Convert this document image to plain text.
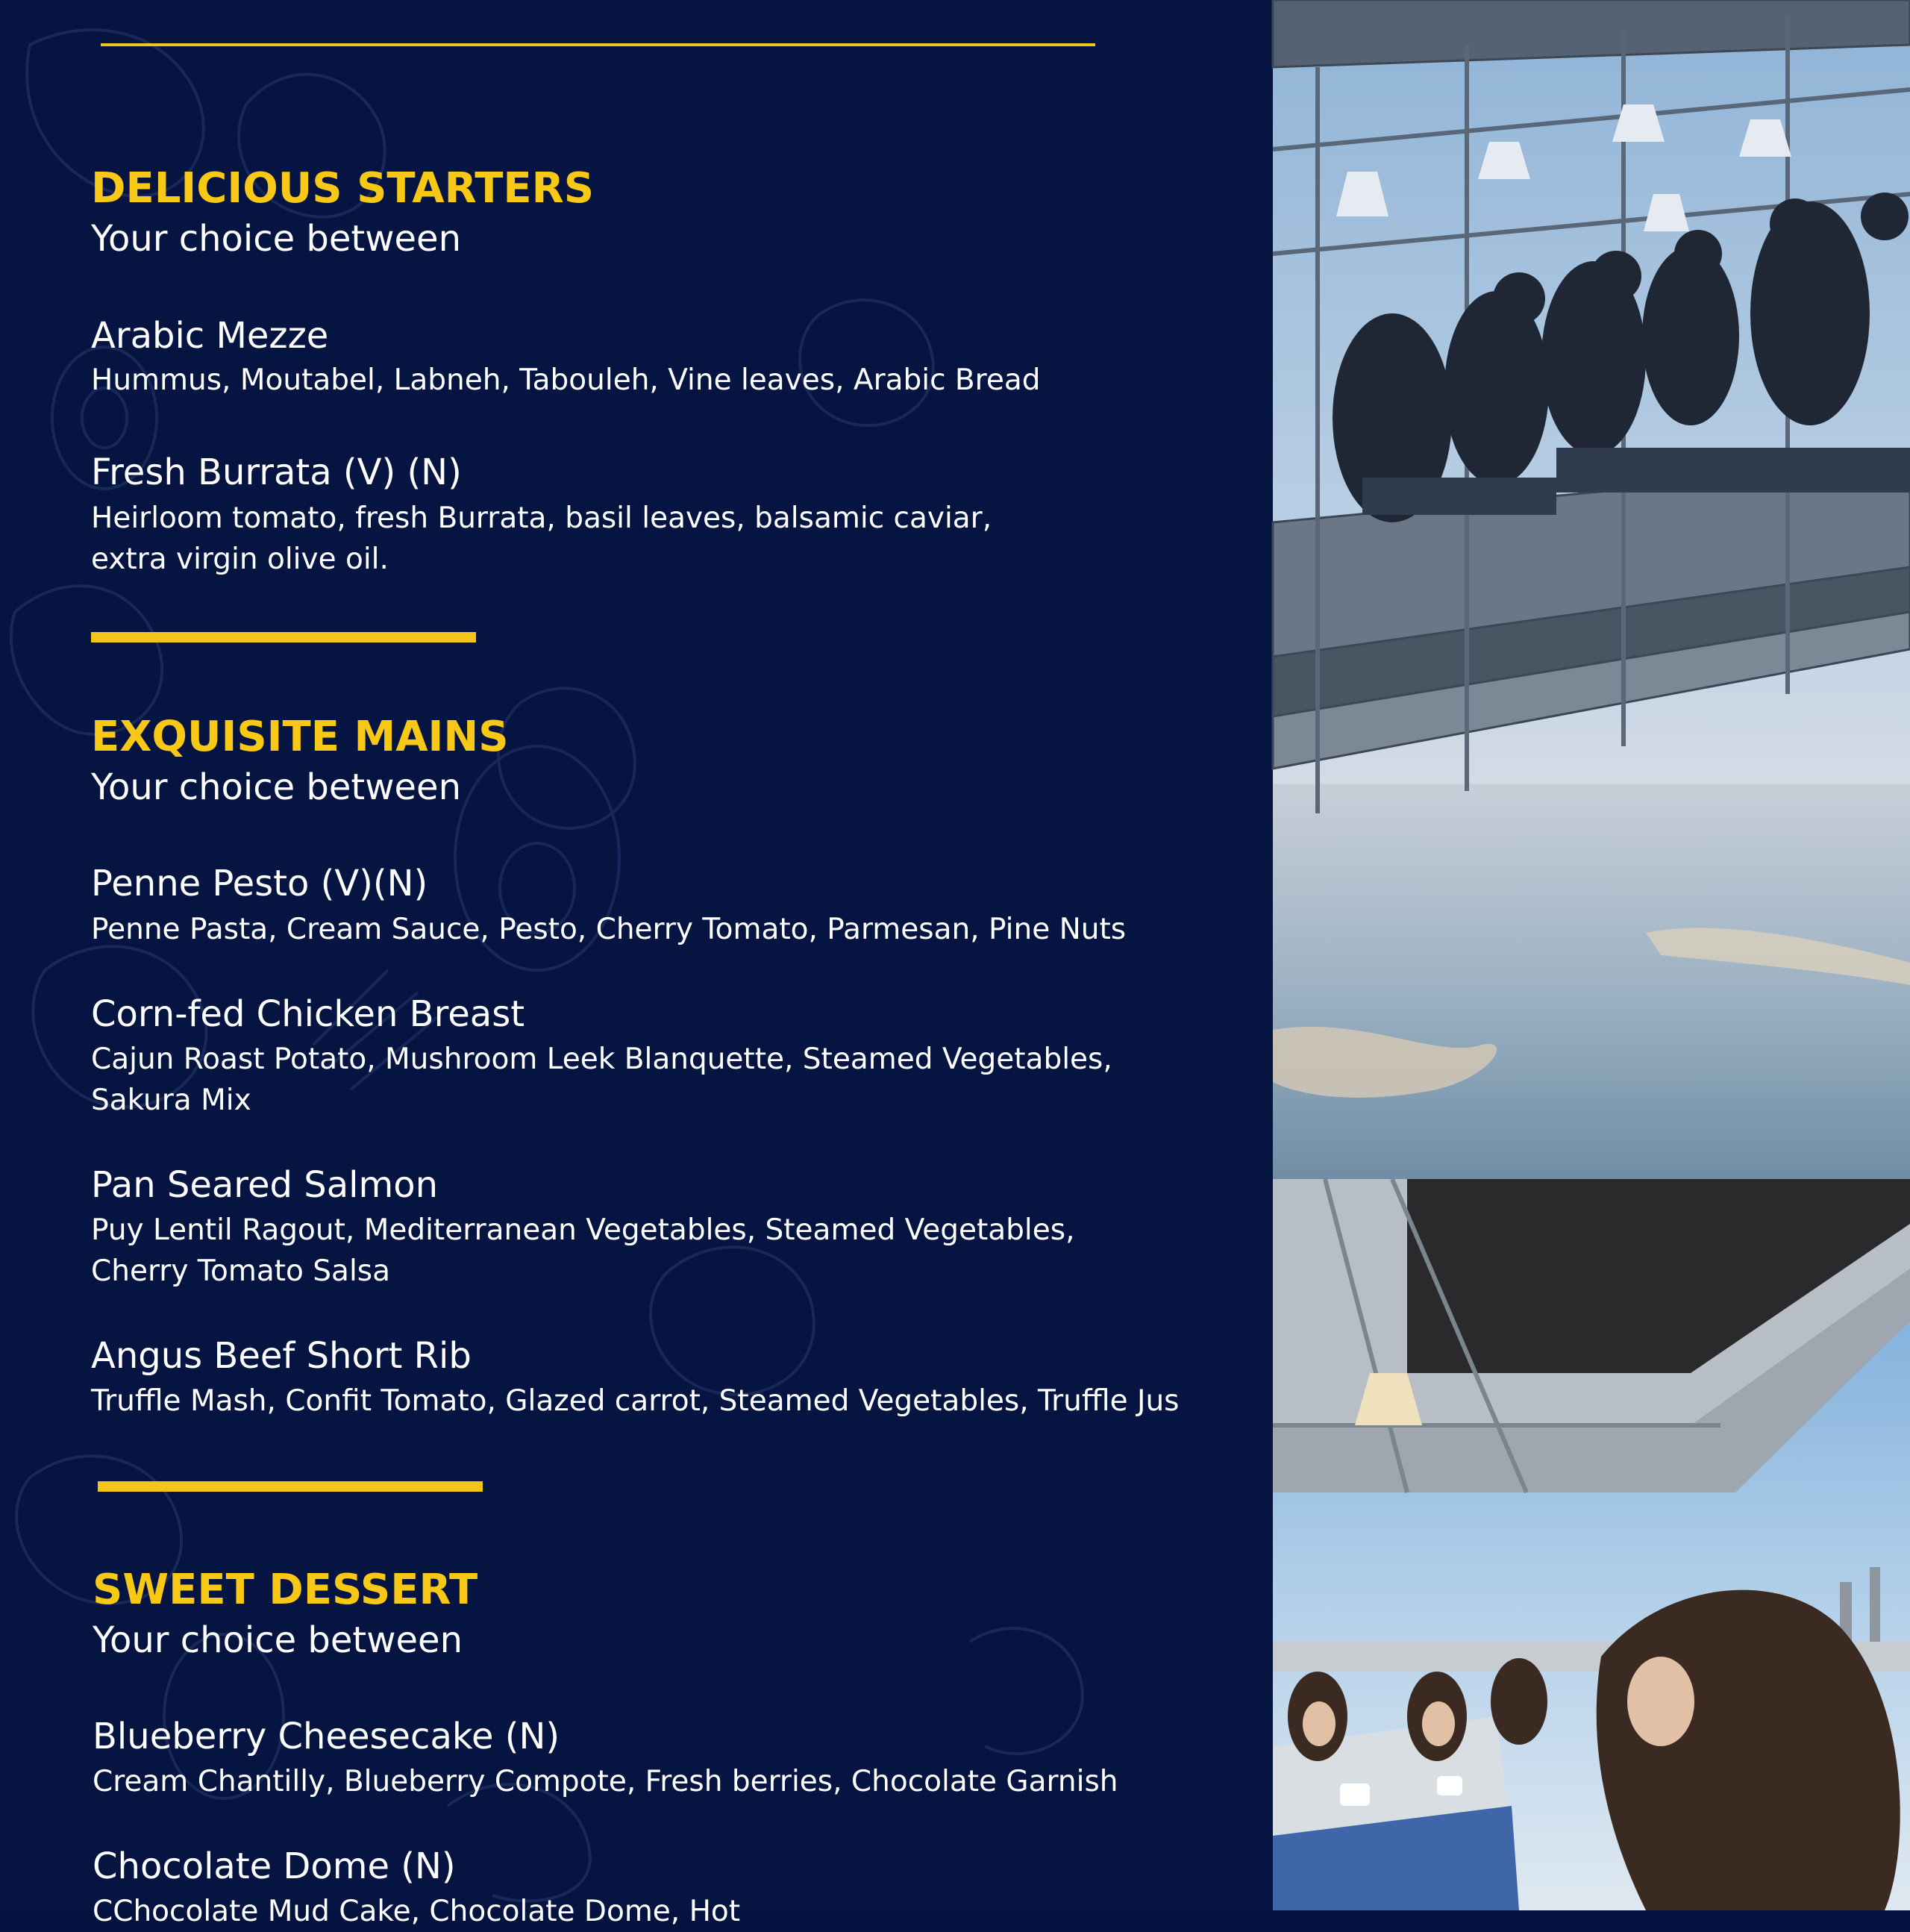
DELICIOUS STARTERS

Your choice between

Arabic Mezze

Hummus, Moutabel, Labneh, Tabouleh, Vine leaves, Arabic Bread

Fresh Burrata (V) (N)

Heirloom tomato, fresh Burrata, basil leaves, balsamic caviar,

extra virgin olive oil.

EXQUISITE MAINS

Your choice between

Penne Pesto (V)(N)

Penne Pasta, Cream Sauce, Pesto, Cherry Tomato, Parmesan, Pine Nuts

Corn-fed Chicken Breast

Cajun Roast Potato, Mushroom Leek Blanquette, Steamed Vegetables,

Sakura Mix

Pan Seared Salmon

Puy Lentil Ragout, Mediterranean Vegetables, Steamed Vegetables,

Cherry Tomato Salsa

Angus Beef Short Rib

Truffle Mash, Confit Tomato, Glazed carrot, Steamed Vegetables, Truffle Jus

SWEET DESSERT

Your choice between

Blueberry Cheesecake (N)

Cream Chantilly, Blueberry Compote, Fresh berries, Chocolate Garnish

Chocolate Dome (N)

CChocolate Mud Cake, Chocolate Dome, Hot
